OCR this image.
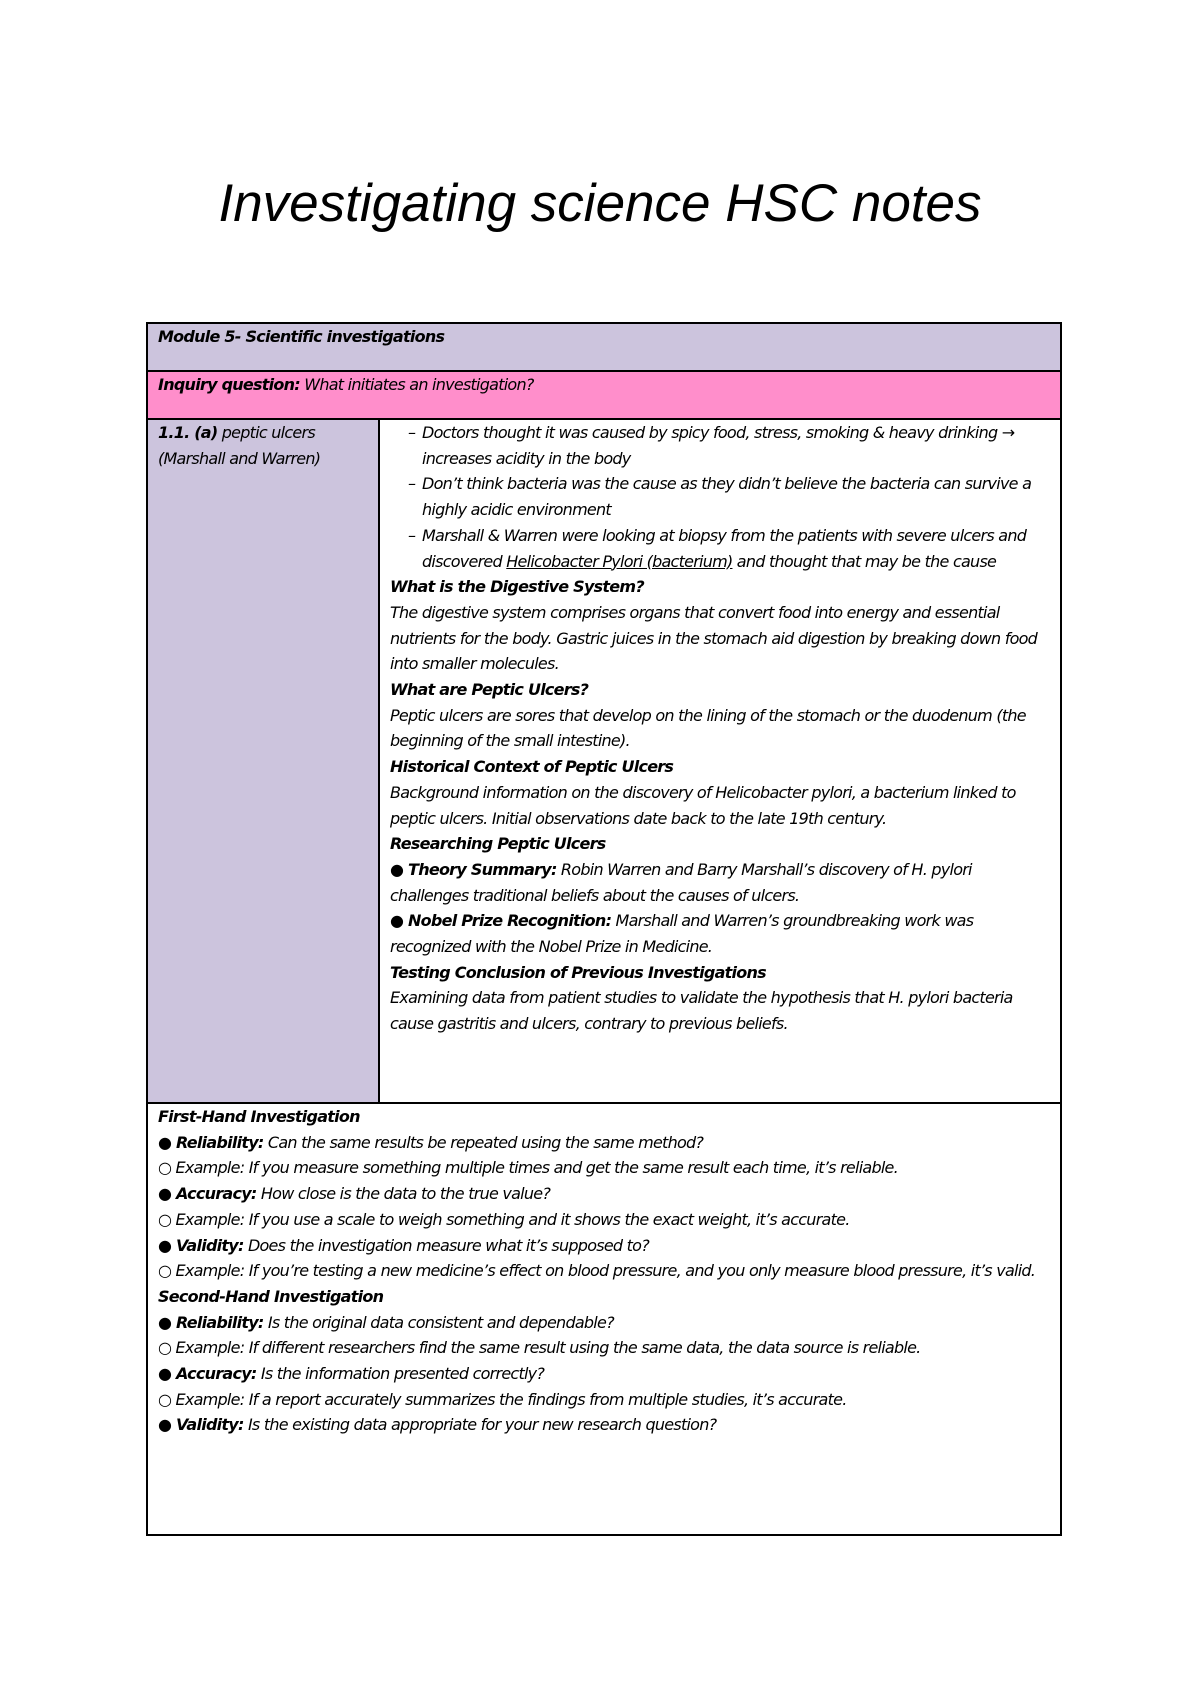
Investigating science HSC notes
Module 5- Scientific investigations
Inquiry question: What initiates an investigation?
1.1. (a) peptic ulcers (Marshall and Warren)	
– Doctors thought it was caused by spicy food, stress, smoking & heavy drinking → increases acidity in the body
– Don’t think bacteria was the cause as they didn’t believe the bacteria can survive a highly acidic environment
– Marshall & Warren were looking at biopsy from the patients with severe ulcers and discovered Helicobacter Pylori (bacterium) and thought that may be the cause
What is the Digestive System?
The digestive system comprises organs that convert food into energy and essential nutrients for the body. Gastric juices in the stomach aid digestion by breaking down food into smaller molecules.
What are Peptic Ulcers?
Peptic ulcers are sores that develop on the lining of the stomach or the duodenum (the beginning of the small intestine).
Historical Context of Peptic Ulcers
Background information on the discovery of Helicobacter pylori, a bacterium linked to peptic ulcers. Initial observations date back to the late 19th century.
Researching Peptic Ulcers
● Theory Summary: Robin Warren and Barry Marshall’s discovery of H. pylori challenges traditional beliefs about the causes of ulcers.
● Nobel Prize Recognition: Marshall and Warren’s groundbreaking work was recognized with the Nobel Prize in Medicine.
Testing Conclusion of Previous Investigations
Examining data from patient studies to validate the hypothesis that H. pylori bacteria cause gastritis and ulcers, contrary to previous beliefs.

First-Hand Investigation
● Reliability: Can the same results be repeated using the same method?
○ Example: If you measure something multiple times and get the same result each time, it’s reliable.
● Accuracy: How close is the data to the true value?
○ Example: If you use a scale to weigh something and it shows the exact weight, it’s accurate.
● Validity: Does the investigation measure what it’s supposed to?
○ Example: If you’re testing a new medicine’s effect on blood pressure, and you only measure blood pressure, it’s valid.
Second-Hand Investigation
● Reliability: Is the original data consistent and dependable?
○ Example: If different researchers find the same result using the same data, the data source is reliable.
● Accuracy: Is the information presented correctly?
○ Example: If a report accurately summarizes the findings from multiple studies, it’s accurate.
● Validity: Is the existing data appropriate for your new research question?
